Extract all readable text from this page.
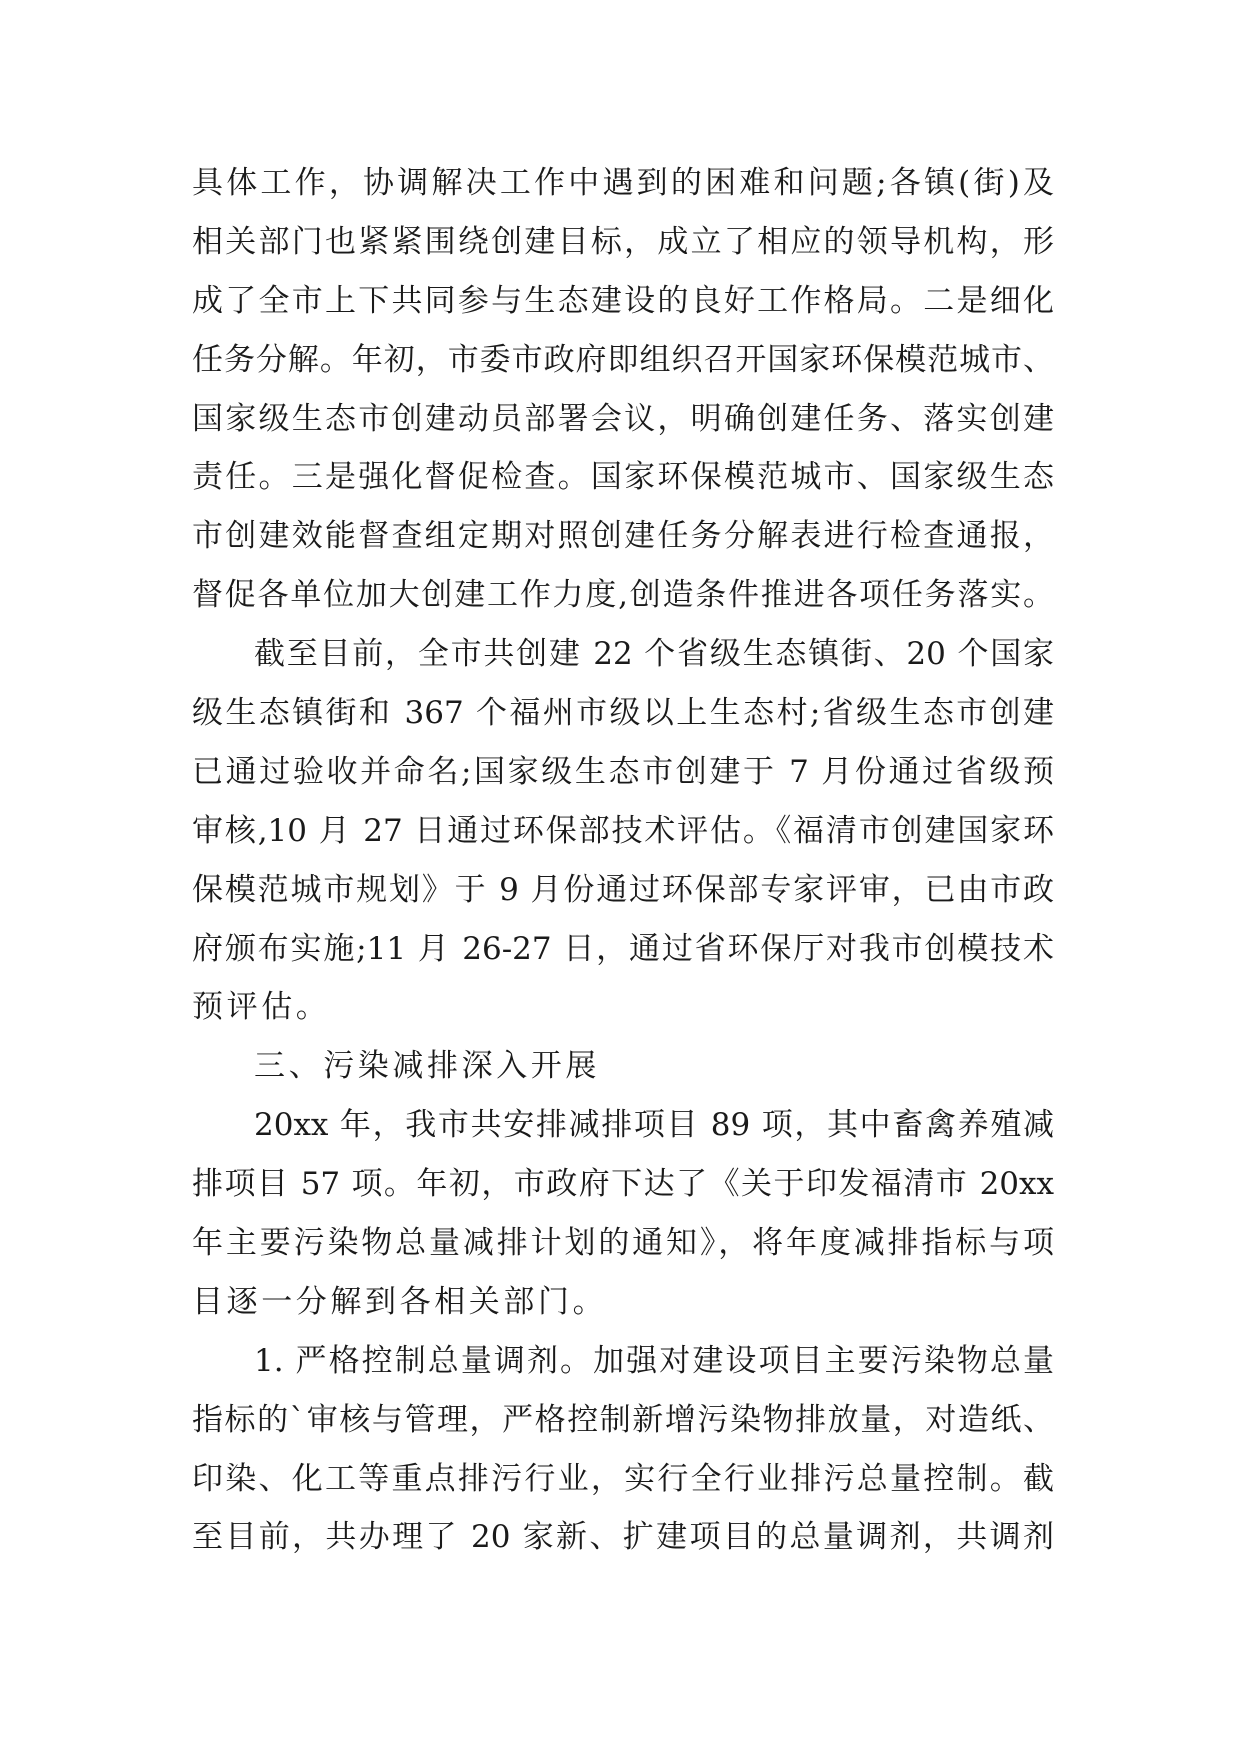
具体工作，协调解决工作中遇到的困难和问题;各镇(街)及
相关部门也紧紧围绕创建目标，成立了相应的领导机构，形
成了全市上下共同参与生态建设的良好工作格局。二是细化
任务分解。年初，市委市政府即组织召开国家环保模范城市、
国家级生态市创建动员部署会议，明确创建任务、落实创建
责任。三是强化督促检查。国家环保模范城市、国家级生态
市创建效能督查组定期对照创建任务分解表进行检查通报，
督促各单位加大创建工作力度,创造条件推进各项任务落实。
截至目前，全市共创建 22 个省级生态镇街、20 个国家
级生态镇街和 367 个福州市级以上生态村;省级生态市创建
已通过验收并命名;国家级生态市创建于 7 月份通过省级预
审核,10 月 27 日通过环保部技术评估。《福清市创建国家环
保模范城市规划》于 9 月份通过环保部专家评审，已由市政
府颁布实施;11 月 26-27 日，通过省环保厅对我市创模技术
预评估。
三、污染减排深入开展
20xx 年，我市共安排减排项目 89 项，其中畜禽养殖减
排项目 57 项。年初，市政府下达了《关于印发福清市 20xx
年主要污染物总量减排计划的通知》，将年度减排指标与项
目逐一分解到各相关部门。
1. 严格控制总量调剂。加强对建设项目主要污染物总量
指标的`审核与管理，严格控制新增污染物排放量，对造纸、
印染、化工等重点排污行业，实行全行业排污总量控制。截
至目前，共办理了 20 家新、扩建项目的总量调剂，共调剂
